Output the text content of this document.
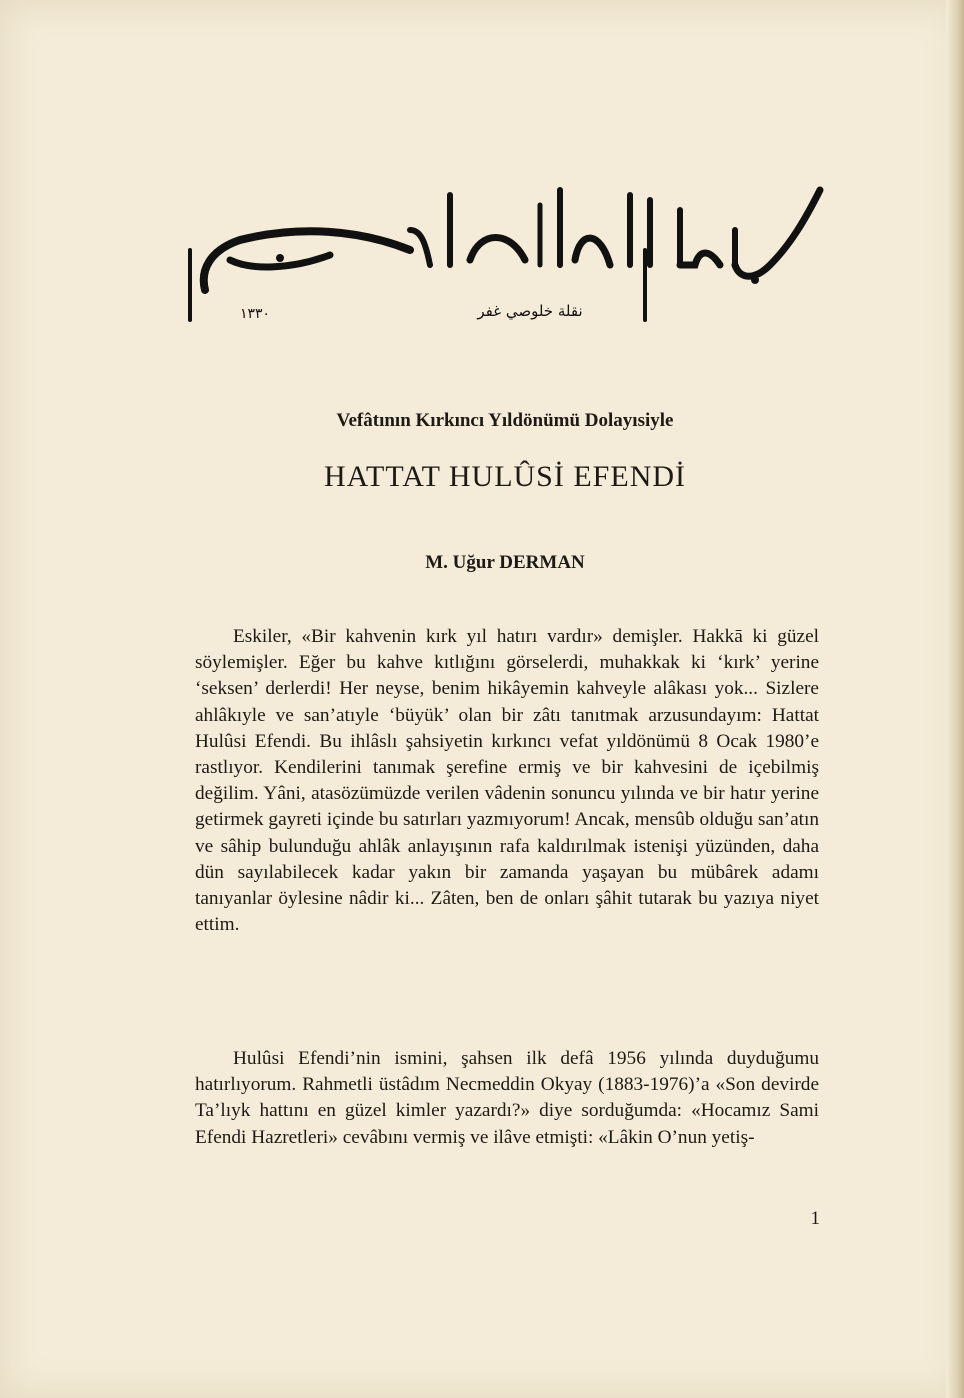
١٣٣٠	نقلة خلوصي غفر
Vefâtının Kırkıncı Yıldönümü Dolayısiyle
HATTAT HULÛSİ EFENDİ
M. Uğur DERMAN

Eskiler, «Bir kahvenin kırk yıl hatırı vardır» demişler. Hakkā ki güzel söylemişler. Eğer bu kahve kıtlığını görselerdi, muhakkak ki ‘kırk’ yerine ‘seksen’ derlerdi! Her neyse, benim hikâyemin kahveyle alâkası yok... Sizlere ahlâkıyle ve san’atıyle ‘büyük’ olan bir zâtı tanıtmak arzusundayım: Hattat Hulûsi Efendi. Bu ihlâslı şahsiyetin kırkıncı vefat yıldönümü 8 Ocak 1980’e rastlıyor. Kendilerini tanımak şerefine ermiş ve bir kahvesini de içebilmiş değilim. Yâni, atasözümüzde verilen vâdenin sonuncu yılında ve bir hatır yerine getirmek gayreti içinde bu satırları yazmıyorum! Ancak, mensûb olduğu san’atın ve sâhip bulunduğu ahlâk anlayışının rafa kaldırılmak istenişi yüzünden, daha dün sayılabilecek kadar yakın bir zamanda yaşayan bu mübârek adamı tanıyanlar öylesine nâdir ki... Zâten, ben de onları şâhit tutarak bu yazıya niyet ettim.

Hulûsi Efendi’nin ismini, şahsen ilk defâ 1956 yılında duyduğumu hatırlıyorum. Rahmetli üstâdım Necmeddin Okyay (1883-1976)’a «Son devirde Ta’lıyk hattını en güzel kimler yazardı?» diye sorduğumda: «Hocamız Sami Efendi Hazretleri» cevâbını vermiş ve ilâve etmişti: «Lâkin O’nun yetiş-

1
